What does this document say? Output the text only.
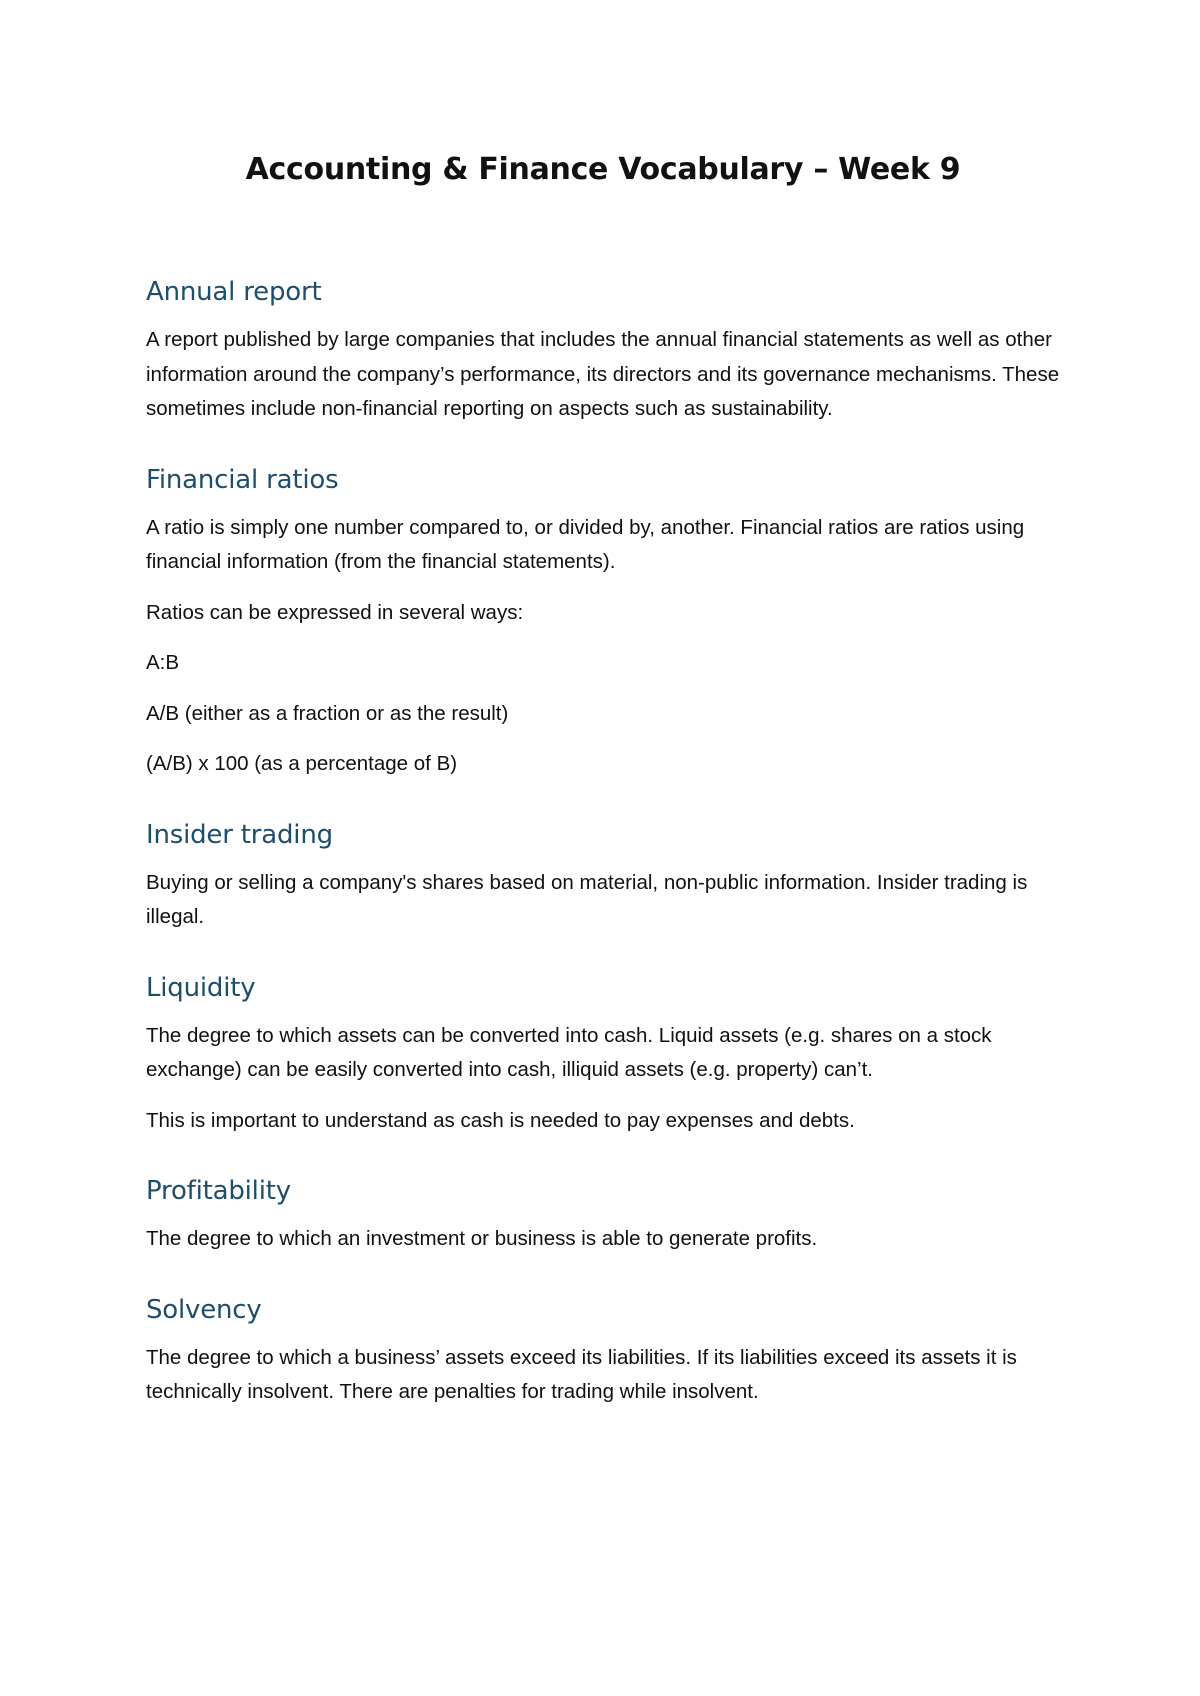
Accounting & Finance Vocabulary – Week 9
Annual report

A report published by large companies that includes the annual financial statements as well as other information around the company’s performance, its directors and its governance mechanisms. These sometimes include non-financial reporting on aspects such as sustainability.

Financial ratios

A ratio is simply one number compared to, or divided by, another. Financial ratios are ratios using financial information (from the financial statements).

Ratios can be expressed in several ways:

A:B

A/B (either as a fraction or as the result)

(A/B) x 100 (as a percentage of B)

Insider trading

Buying or selling a company's shares based on material, non-public information. Insider trading is illegal.

Liquidity

The degree to which assets can be converted into cash. Liquid assets (e.g. shares on a stock exchange) can be easily converted into cash, illiquid assets (e.g. property) can’t.

This is important to understand as cash is needed to pay expenses and debts.

Profitability

The degree to which an investment or business is able to generate profits.

Solvency

The degree to which a business’ assets exceed its liabilities. If its liabilities exceed its assets it is technically insolvent. There are penalties for trading while insolvent.
